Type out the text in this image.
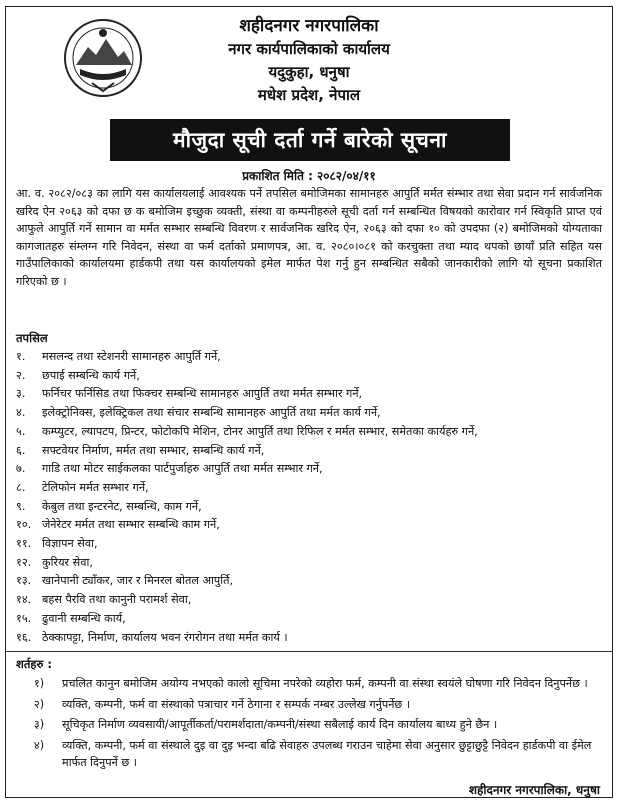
शहीदनगर नगरपालिका
नगर कार्यपालिकाको कार्यालय
यदुकुहा, धनुषा
मधेश प्रदेश, नेपाल
मौजुदा सूची दर्ता गर्ने बारेको सूचना
प्रकाशित मिति : २०८२/०४/११

आ. व. २०८२/०८३ का लागि यस कार्यालयलाई आवश्यक पर्ने तपसिल बमोजिमका सामानहरु आपुर्ति मर्मत संम्भार तथा सेवा प्रदान गर्न सार्वजनिक खरिद ऐन २०६३ को दफा छ क बमोजिम इच्छुक व्यक्ती, संस्था वा कम्पनीहरुले सूची दर्ता गर्न सम्बन्धित विषयको कारोवार गर्न स्विकृति प्राप्त एवं आफुले आपुर्ति गर्ने सामान वा मर्मत सम्भार सम्बन्धि विवरण र सार्वजनिक खरिद ऐन, २०६३ को दफा १० को उपदफा (२) बमोजिमको योग्यताका कागजातहरु संम्लग्न गरि निवेदन, संस्था वा फर्म दर्ताको प्रमाणपत्र, आ. व. २०८०।०८१ को करचुक्ता तथा म्याद थपको छायाँ प्रति सहित यस गाउँपालिकाको कार्यालयमा हार्डकपी तथा यस कार्यालयको इमेल मार्फत पेश गर्नु हुन सम्बन्धित सबैको जानकारीको लागि यो सूचना प्रकाशित गरिएको छ ।

तपसिल
१.	मसलन्द तथा स्टेशनरी सामानहरु आपुर्ति गर्ने,
२.	छपाई सम्बन्धि कार्य गर्ने,
३.	फर्निचर फर्निसिड तथा फिक्चर सम्बन्धि सामानहरु आपुर्ति तथा मर्मत सम्भार गर्ने,
४.	इलेक्ट्रोनिक्स, इलेक्ट्रिकल तथा संचार सम्बन्धि सामानहरु आपुर्ति तथा मर्मत कार्य गर्ने,
५.	कम्प्युटर, ल्यापटप, प्रिन्टर, फोटोकपि मेशिन, टोनर आपुर्ति तथा रिफिल र मर्मत सम्भार, समेतका कार्यहरु गर्ने,
६.	सफ्टवेयर निर्माण, मर्मत तथा सम्भार, सम्बन्धि कार्य गर्ने,
७.	गाडि तथा मोटर साईकलका पार्टपुर्जाहरु आपुर्ति तथा मर्मत सम्भार गर्ने,
८.	टेलिफोन मर्मत सम्भार गर्ने,
९.	केबुल तथा इन्टरनेट, सम्बन्धि, काम गर्ने,
१०. जेनेरेटर मर्मत तथा सम्भार सम्बन्धि काम गर्ने,
११. विज्ञापन सेवा,
१२. कुरियर सेवा,
१३. खानेपानी ट्याँकर, जार र मिनरल बोतल आपुर्ति,
१४. बहस पैरवि तथा कानुनी परामर्श सेवा,
१५. ढुवानी सम्बन्धि कार्य,
१६. ठेक्कापट्टा, निर्माण, कार्यालय भवन रंगरोगन तथा मर्मत कार्य ।
शर्तहरु :
१)	प्रचलित कानुन बमोजिम अयोग्य नभएको कालो सूचिमा नपरेको व्यहोरा फर्म, कम्पनी वा संस्था स्वयंले घोषणा गरि निवेदन दिनुपर्नेछ ।
२)	व्यक्ति, कम्पनी, फर्म वा संस्थाको पत्राचार गर्ने ठेगाना र सम्पर्क नम्बर उल्लेख गर्नुपर्नेछ ।
३)	सूचिकृत निर्माण व्यवसायी/आपूर्तीकर्ता/परामर्शदाता/कम्पनी/संस्था सबैलाई कार्य दिन कार्यालय बाध्य हुने छैन ।
४)	व्यक्ति, कम्पनी, फर्म वा संस्थाले दुइ वा दुइ भन्दा बढि सेवाहरु उपलब्ध गराउन चाहेमा सेवा अनुसार छुट्टाछुट्टै निवेदन हार्डकपी वा ईमेल मार्फत दिनुपर्ने छ ।
शहीदनगर नगरपालिका, धनुषा
